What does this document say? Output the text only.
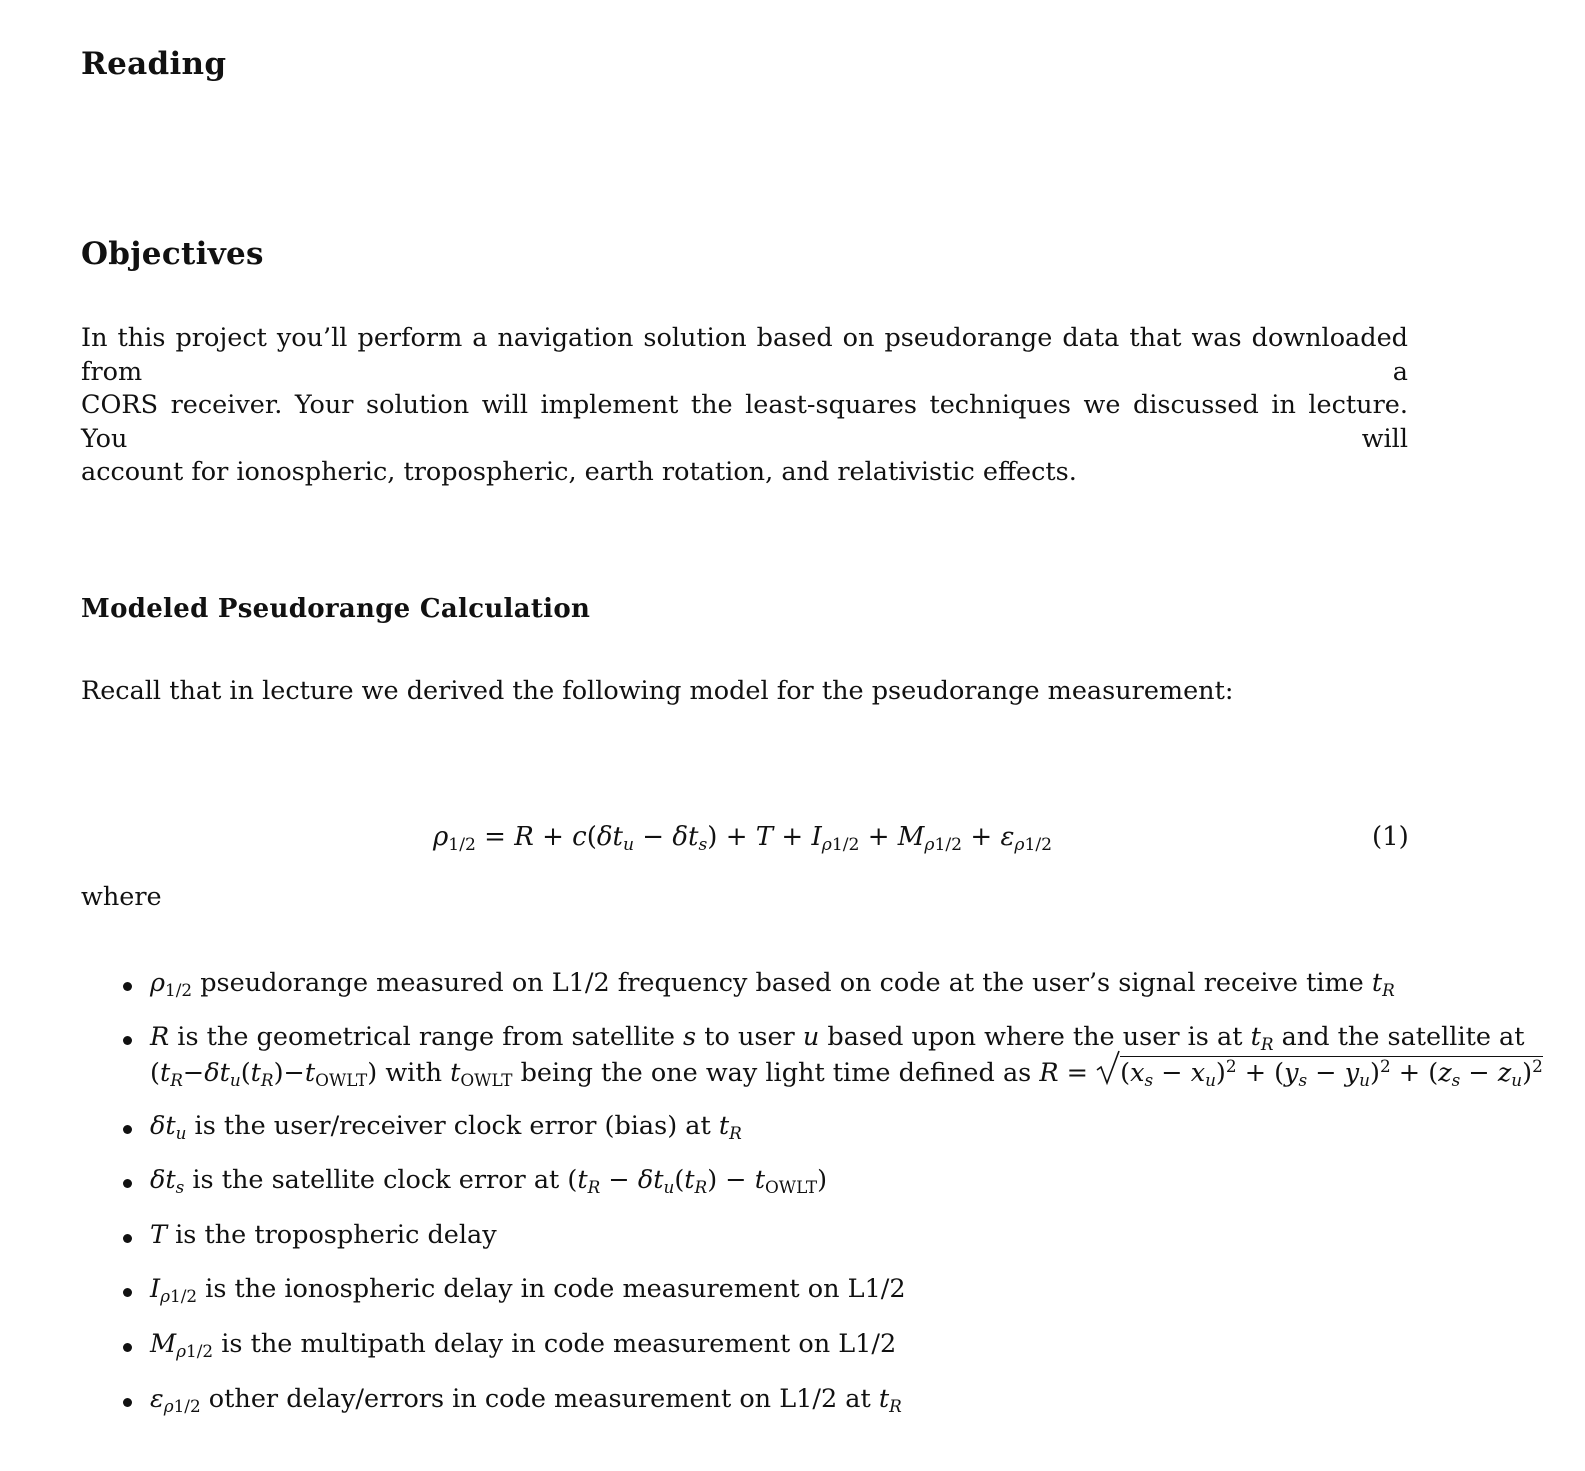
Reading
Objectives
In this project you’ll perform a navigation solution based on pseudorange data that was downloaded from a
CORS receiver. Your solution will implement the least-squares techniques we discussed in lecture. You will
account for ionospheric, tropospheric, earth rotation, and relativistic effects.
Modeled Pseudorange Calculation
Recall that in lecture we derived the following model for the pseudorange measurement:
$\rho_{1/2} = R + c(\delta t_u - \delta t_s) + T + I_{\rho 1/2} + M_{\rho 1/2} + \varepsilon_{\rho 1/2}$	(1)
where
$\rho_{1/2}$ pseudorange measured on L1/2 frequency based on code at the user’s signal receive time $t_R$
R is the geometrical range from satellite s to user u based upon where the user is at $t_R$ and the satellite at
$(t_R-\delta t_u(t_R)-t_{OWLT})$ with $t_{OWLT}$ being the one way light time defined as R =
$(x_s - x_u)^2 + (y_s - y_u)^2 + (z_s - z_u)^2$
$\delta t_u$ is the user/receiver clock error (bias) at $t_R$
$\delta t_s$ is the satellite clock error at $(t_R - \delta t_u(t_R) - t_{OWLT})$
T is the tropospheric delay
$I_{\rho 1/2}$ is the ionospheric delay in code measurement on L1/2
$M_{\rho 1/2}$ is the multipath delay in code measurement on L1/2
$\varepsilon_{\rho 1/2}$ other delay/errors in code measurement on L1/2 at $t_R$
